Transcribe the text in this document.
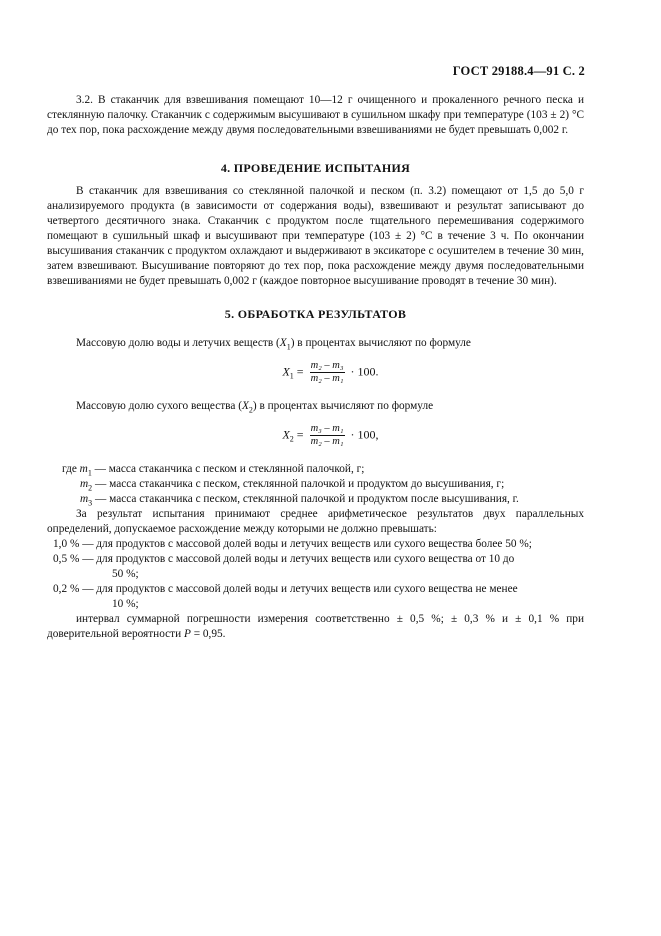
ГОСТ 29188.4—91 С. 2
3.2. В стаканчик для взвешивания помещают 10—12 г очищенного и прокаленного речного песка и стеклянную палочку. Стаканчик с содержимым высушивают в сушильном шкафу при температуре (103 ± 2) °С до тех пор, пока расхождение между двумя последовательными взвешиваниями не будет превышать 0,002 г.
4. ПРОВЕДЕНИЕ ИСПЫТАНИЯ
В стаканчик для взвешивания со стеклянной палочкой и песком (п. 3.2) помещают от 1,5 до 5,0 г анализируемого продукта (в зависимости от содержания воды), взвешивают и результат записывают до четвертого десятичного знака. Стаканчик с продуктом после тщательного перемешивания содержимого помещают в сушильный шкаф и высушивают при температуре (103 ± 2) °С в течение 3 ч. По окончании высушивания стаканчик с продуктом охлаждают и выдерживают в эксикаторе с осушителем в течение 30 мин, затем взвешивают. Высушивание повторяют до тех пор, пока расхождение между двумя последовательными взвешиваниями не будет превышать 0,002 г (каждое повторное высушивание проводят в течение 30 мин).
5. ОБРАБОТКА РЕЗУЛЬТАТОВ
Массовую долю воды и летучих веществ $(X_1)$ в процентах вычисляют по формуле
$X_1 = \frac{\text{m₂ – m₃}}{\text{m₂ – m₁}} \cdot 100$.
Массовую долю сухого вещества $(X_2)$ в процентах вычисляют по формуле
$X_2 = \frac{\text{m₃ – m₁}}{\text{m₂ – m₁}} \cdot 100$,
где $m_1$ — масса стаканчика с песком и стеклянной палочкой, г;
$m_2$ — масса стаканчика с песком, стеклянной палочкой и продуктом до высушивания, г;
$m_3$ — масса стаканчика с песком, стеклянной палочкой и продуктом после высушивания, г.
За результат испытания принимают среднее арифметическое результатов двух параллельных определений, допускаемое расхождение между которыми не должно превышать:
1,0 % — для продуктов с массовой долей воды и летучих веществ или сухого вещества более 50 %;
0,5 % — для продуктов с массовой долей воды и летучих веществ или сухого вещества от 10 до
50 %;
0,2 % — для продуктов с массовой долей воды и летучих веществ или сухого вещества не менее
10 %;
интервал суммарной погрешности измерения соответственно ± 0,5 %; ± 0,3 % и ± 0,1 % при доверительной вероятности P = 0,95.
